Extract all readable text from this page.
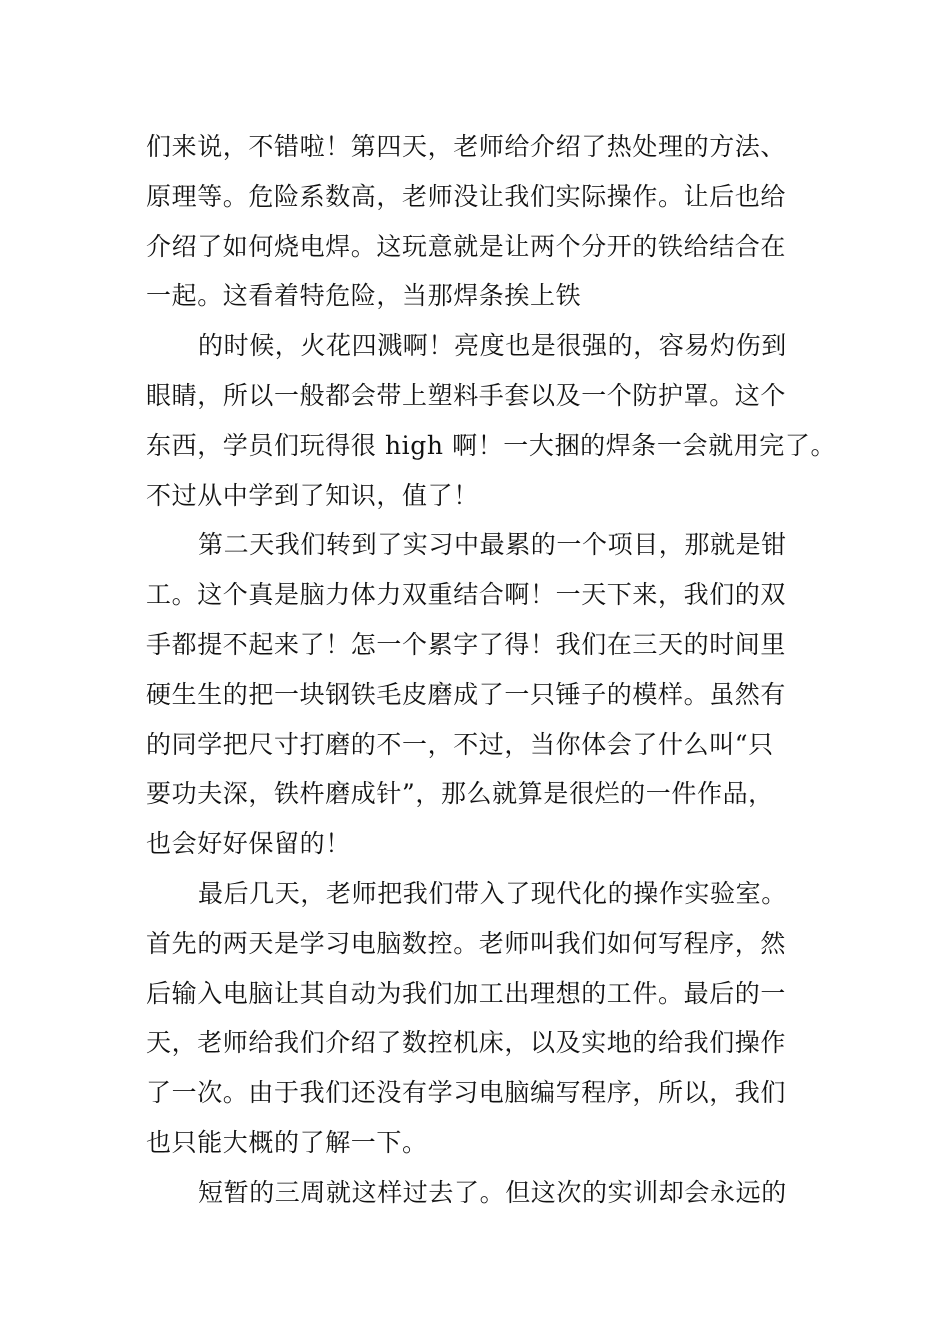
们来说，不错啦！第四天，老师给介绍了热处理的方法、
原理等。危险系数高，老师没让我们实际操作。让后也给
介绍了如何烧电焊。这玩意就是让两个分开的铁给结合在
一起。这看着特危险，当那焊条挨上铁
的时候，火花四溅啊！亮度也是很强的，容易灼伤到
眼睛，所以一般都会带上塑料手套以及一个防护罩。这个
东西，学员们玩得很 high 啊！一大捆的焊条一会就用完了。
不过从中学到了知识，值了！
第二天我们转到了实习中最累的一个项目，那就是钳
工。这个真是脑力体力双重结合啊！一天下来，我们的双
手都提不起来了！怎一个累字了得！我们在三天的时间里
硬生生的把一块钢铁毛皮磨成了一只锤子的模样。虽然有
的同学把尺寸打磨的不一，不过，当你体会了什么叫“只
要功夫深，铁杵磨成针”，那么就算是很烂的一件作品，
也会好好保留的！
最后几天，老师把我们带入了现代化的操作实验室。
首先的两天是学习电脑数控。老师叫我们如何写程序，然
后输入电脑让其自动为我们加工出理想的工件。最后的一
天，老师给我们介绍了数控机床，以及实地的给我们操作
了一次。由于我们还没有学习电脑编写程序，所以，我们
也只能大概的了解一下。
短暂的三周就这样过去了。但这次的实训却会永远的
